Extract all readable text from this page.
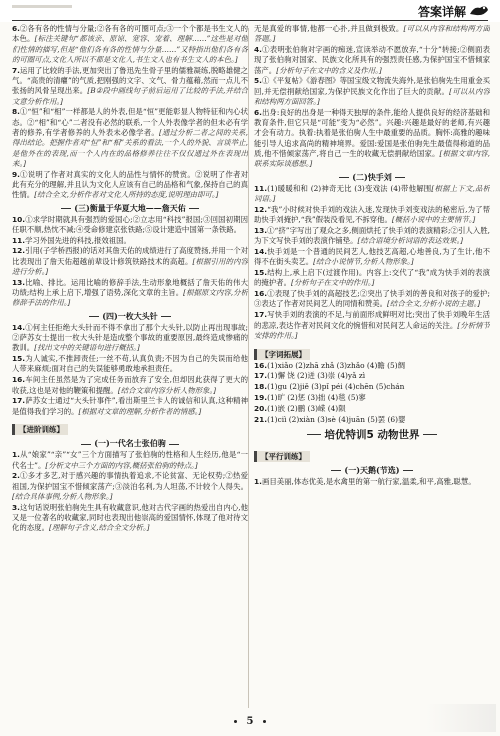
答案详解

6.②各有各的性情与分量;②各有各的可圈可点;③一个个都是书生文人的本色。[标注关键句“都该亲、原谅、宽容、宠着、理解……”这些是对他们性情的描写,但是“他们各有各的性情与分量……”又特指出他们各有各的可圈可点,文化人所以不都是文化人,书生文人也有书生文人的本色。]

7.运用了比较的手法,更加突出了鲁迅先生骨子里的儒雅凝练,脱略雄健之气。“高贵的清癯”的气质,把刚强的文字、文气、骨力蕴藉,然而一点儿不张扬的风骨呈现出来。[B②段中画线句子前后运用了比较的手法,并结合文意分析作用。]

8.①“恒”和“相”一样都是人的外表,但是“恒”更能彰显人物特征和内心状态。②“相”和“心”二者没有必然的联系,一个人外表像学者的但未必有学者的修养,有学者修养的人外表未必像学者。[通过分析二者之间的关系,得出结论。把握作者对“恒”和“相”关系的看法,一个人的外貌、言谈举止,是他外在的表现,而一个人内在的品格修养往往不仅仅通过外在表现出来。]

9.①说明了作者对真实的文化人的品性与情怀的赞赏。②说明了作者对此有充分的理解,并且认为文化人应该有自己的品格和气象,保持自己的真性情。[结合全文,分析作者对文化人所持的态度,说明理由即可。]

(三)衡量于华夏大地——詹天佑

10.①求学时期就具有强烈的爱国心;②立志用“科技”报国;③回国初期因任职不顺,热忱不减;④受命修建京张铁路;⑤设计建造中国第一条铁路。

11.学习外国先进的科技,报效祖国。

12.引用(子学桥西报)的话对其詹天佑的成绩进行了高度赞扬,并用一个对比表现出了詹天佑超越前辈设计修筑铁路技术的高超。[根据引用的内容进行分析。]

13.比喻、排比。运用比喻的修辞手法,生动形象地概括了詹天佑的伟大功绩;结构上承上启下,增强了语势,深化文章的主旨。[根据原文内容,分析修辞手法的作用。]

(四)一枚大头针

14.①何主任拒绝大头针而不得不拿出了那个大头针,以防止再出现事故;②萨苏女士提出一枚大头针是造成整个事故的重要原因,最终造成惨痛的教训。[找出文中的关键语句进行概括。]

15.为人诚实,不推卸责任;一丝不苟,认真负责;不因为自己的失误而给他人带来麻烦;面对自己的失误能够勇敢地承担责任。

16.车间主任虽然是为了完成任务而放弃了安全,但却因此获得了更大的收获,这也是对他的鞭策和提醒。[结合文章内容分析人物形象。]

17.萨苏女士通过“大头针事件”,看出斯里兰卡人的诚信和认真,这种精神是值得我们学习的。[根据对文章的理解,分析作者的情感。]

【进阶训练】
(一)一代名士张伯驹

1.从“娘家”“亲”“女”三个方面描写了张伯驹的性格和人生经历,他是“一代名士”。[分析文中三个方面的内容,概括张伯驹的特点。]

2.①多才多艺,对于感兴趣的事情执着追求,不论贫富、无论权势;②热爱祖国,为保护国宝不惜倾家荡产;③淡泊名利,为人坦荡,不计较个人得失。[结合具体事例,分析人物形象。]

3.这句话说明张伯驹先生具有收藏意识,他对古代字画的热爱出自内心,他又是一位著名的收藏家,同时也表现出他崇高的爱国情怀,体现了他对待文化的态度。[理解句子含义,结合全文分析。]

无是真爱的事情,他都一心扑,并且做到极致。[可以从内容和结构两方面答题。]

4.①表明张伯驹对字画的痴迷,宣读举动不愿放弃,“十分”转接;②侧面表现了张伯驹对国家、民族文化所具有的强烈责任感,为保护国宝不惜倾家荡产。[分析句子在文中的含义及作用。]

5.①《平复帖》《游春图》等国宝级文物流失海外,是张伯驹先生用重金买回,并无偿捐献给国家,为保护民族文化作出了巨大的贡献。[可以从内容和结构两方面回答。]

6.出身:良好的出身是一种得天独厚的条件,能给人提供良好的经济基础和教育条件,但它只是“可能”变为“必然”。兴趣:兴趣是最好的老师,有兴趣才会有动力。执着:执着是张伯驹人生中最重要的品质。胸怀:高雅的趣味能引导人追求高尚的精神境界。爱国:爱国是张伯驹先生最值得称道的品质,他不惜倾家荡产,将自己一生的收藏无偿捐献给国家。[根据文章内容,联系实际谈感想。]

(二)快手刘

11.(1)暖暖和和 (2)神奇无比 (3)变戏法 (4)带他解围[根据上下文,品析词语。]

12.“我”小时候对快手刘的戏法入迷,发现快手刘变戏法的秘密后,为了帮助快手刘掩护,“我”假装没看见,不拆穿他。[概括小说中的主要情节。]

13.①“挤”字写出了观众之多,侧面烘托了快手刘的表演精彩;②引人入胜,为下文写快手刘的表演作铺垫。[结合语境分析词语的表达效果。]

14.快手刘是一个普通的民间艺人,他技艺高超,心地善良,为了生计,他不得不在街头卖艺。[结合小说情节,分析人物形象。]

15.结构上,承上启下(过渡作用)。内容上:交代了“我”成为快手刘的表演的掩护者。[分析句子在文中的作用。]

16.①表现了快手刘的高超技艺;②突出了快手刘的善良和对孩子的爱护;③表达了作者对民间艺人的同情和赞美。[结合全文,分析小说的主题。]

17.写快手刘的表演的不足,与前面形成鲜明对比;突出了快手刘晚年生活的悲凉,表达作者对民间文化的惋惜和对民间艺人命运的关注。[分析情节安排的作用。]

【字词拓展】

16.(1)xiǎo (2)zhā zhǎ (3)zhǎo (4)瞻 (5)绸

17.(1)懈 饶 (2)迸 (3)崇 (4)yǎ zì

18.(1)gu (2)jiě (3)pǐ péi (4)chēn (5)chán

19.(1)旷 (2)惩 (3)拙 (4)毯 (5)寥

20.(1)嵌 (2)鹏 (3)嵘 (4)陨

21.(1)ciì (2)xiàn (3)sè (4)juān (5)罢 (6)婴

培优特训5 动物世界
【平行训练】
(一)天鹅(节选)

1.画目美丽,体态优美,是水禽里的第一航行家,温柔,和平,高雅,聪慧。

5
